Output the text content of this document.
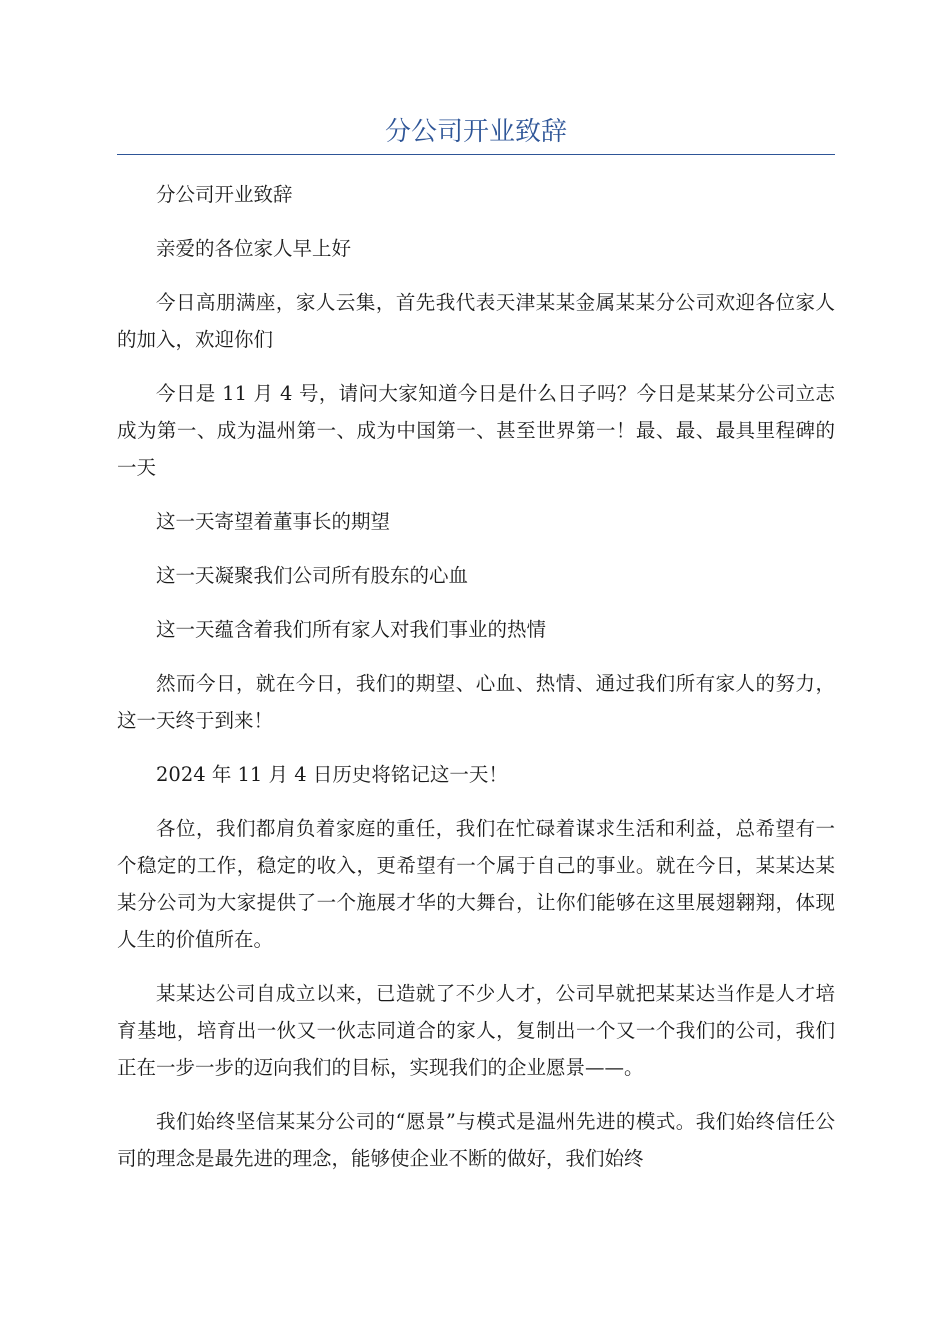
分公司开业致辞

分公司开业致辞

亲爱的各位家人早上好

今日高朋满座，家人云集，首先我代表天津某某金属某某分公司欢迎各位家人的加入，欢迎你们

今日是 11 月 4 号，请问大家知道今日是什么日子吗？今日是某某分公司立志成为第一、成为温州第一、成为中国第一、甚至世界第一！最、最、最具里程碑的一天

这一天寄望着董事长的期望

这一天凝聚我们公司所有股东的心血

这一天蕴含着我们所有家人对我们事业的热情

然而今日，就在今日，我们的期望、心血、热情、通过我们所有家人的努力，这一天终于到来！

2024 年 11 月 4 日历史将铭记这一天！

各位，我们都肩负着家庭的重任，我们在忙碌着谋求生活和利益，总希望有一个稳定的工作，稳定的收入，更希望有一个属于自己的事业。就在今日，某某达某某分公司为大家提供了一个施展才华的大舞台，让你们能够在这里展翅翱翔，体现人生的价值所在。

某某达公司自成立以来，已造就了不少人才，公司早就把某某达当作是人才培育基地，培育出一伙又一伙志同道合的家人，复制出一个又一个我们的公司，我们正在一步一步的迈向我们的目标，实现我们的企业愿景——。

我们始终坚信某某分公司的“愿景”与模式是温州先进的模式。我们始终信任公司的理念是最先进的理念，能够使企业不断的做好，我们始终
